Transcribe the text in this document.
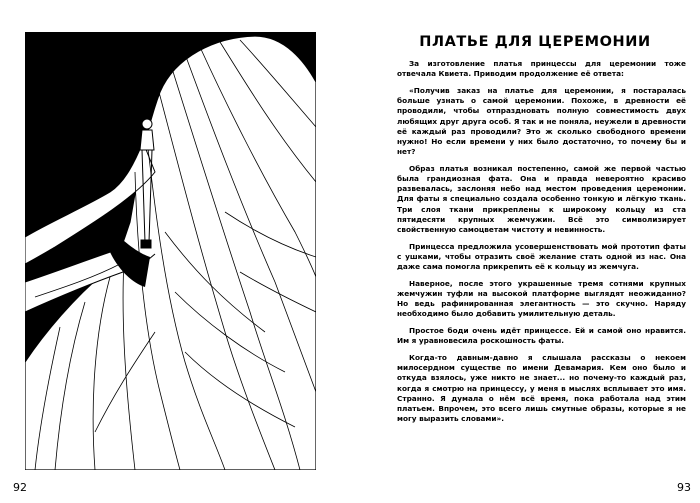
92
ПЛАТЬЕ ДЛЯ ЦЕРЕМОНИИ

За изготовление платья принцессы для церемонии тоже отвечала Квиета. Приводим продолжение её ответа:

«Получив заказ на платье для церемонии, я постаралась больше узнать о самой церемонии. Похоже, в древности её проводили, чтобы отпраздновать полную совместимость двух любящих друг друга особ. Я так и не поняла, неужели в древности её каждый раз проводили? Это ж сколько свободного времени нужно! Но если времени у них было достаточно, то почему бы и нет?

Образ платья возникал постепенно, самой же первой частью была грандиозная фата. Она и правда невероятно красиво развевалась, заслоняя небо над местом проведения церемонии. Для фаты я специально создала особенно тонкую и лёгкую ткань. Три слоя ткани прикреплены к широкому кольцу из ста пятидесяти крупных жемчужин. Всё это символизирует свойственную самоцветам чистоту и невинность.

Принцесса предложила усовершенствовать мой прототип фаты с ушками, чтобы отразить своё желание стать одной из нас. Она даже сама помогла прикрепить её к кольцу из жемчуга.

Наверное, после этого украшенные тремя сотнями крупных жемчужин туфли на высокой платформе выглядят неожиданно? Но ведь рафинированная элегантность — это скучно. Наряду необходимо было добавить умилительную деталь.

Простое боди очень идёт принцессе. Ей и самой оно нравится. Им я уравновесила роскошность фаты.

Когда-то давным-давно я слышала рассказы о некоем милосердном существе по имени Девамария. Кем оно было и откуда взялось, уже никто не знает... но почему-то каждый раз, когда я смотрю на принцессу, у меня в мыслях всплывает это имя. Странно. Я думала о нём всё время, пока работала над этим платьем. Впрочем, это всего лишь смутные образы, которые я не могу выразить словами».

93
